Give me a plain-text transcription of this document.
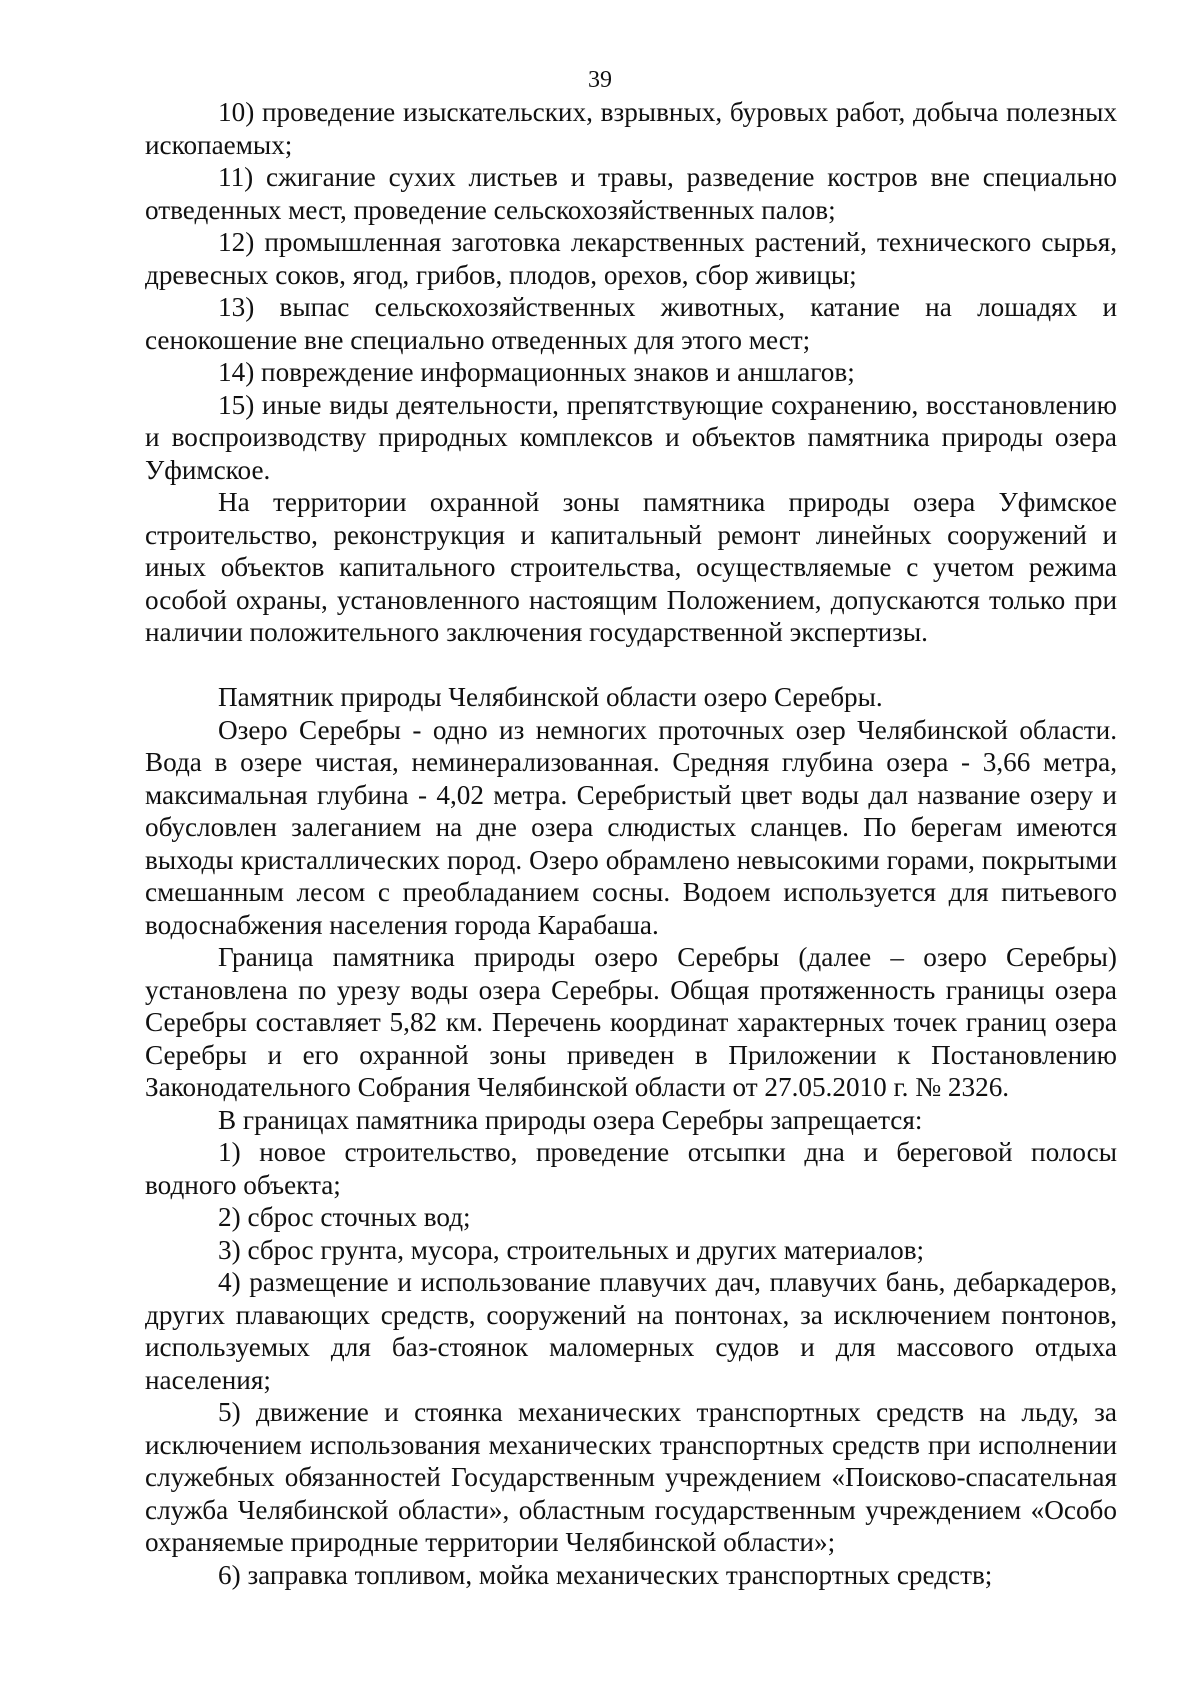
39

10) проведение изыскательских, взрывных, буровых работ, добыча полезных ископаемых;

11) сжигание сухих листьев и травы, разведение костров вне специально отведенных мест, проведение сельскохозяйственных палов;

12) промышленная заготовка лекарственных растений, технического сырья, древесных соков, ягод, грибов, плодов, орехов, сбор живицы;

13) выпас сельскохозяйственных животных, катание на лошадях и сенокошение вне специально отведенных для этого мест;

14) повреждение информационных знаков и аншлагов;

15) иные виды деятельности, препятствующие сохранению, восстановлению и воспроизводству природных комплексов и объектов памятника природы озера Уфимское.

На территории охранной зоны памятника природы озера Уфимское строительство, реконструкция и капитальный ремонт линейных сооружений и иных объектов капитального строительства, осуществляемые с учетом режима особой охраны, установленного настоящим Положением, допускаются только при наличии положительного заключения государственной экспертизы.

Памятник природы Челябинской области озеро Серебры.

Озеро Серебры - одно из немногих проточных озер Челябинской области. Вода в озере чистая, неминерализованная. Средняя глубина озера - 3,66 метра, максимальная глубина - 4,02 метра. Серебристый цвет воды дал название озеру и обусловлен залеганием на дне озера слюдистых сланцев. По берегам имеются выходы кристаллических пород. Озеро обрамлено невысокими горами, покрытыми смешанным лесом с преобладанием сосны. Водоем используется для питьевого водоснабжения населения города Карабаша.

Граница памятника природы озеро Серебры (далее – озеро Серебры) установлена по урезу воды озера Серебры. Общая протяженность границы озера Серебры составляет 5,82 км. Перечень координат характерных точек границ озера Серебры и его охранной зоны приведен в Приложении к Постановлению Законодательного Собрания Челябинской области от 27.05.2010 г. № 2326.

В границах памятника природы озера Серебры запрещается:

1) новое строительство, проведение отсыпки дна и береговой полосы водного объекта;

2) сброс сточных вод;

3) сброс грунта, мусора, строительных и других материалов;

4) размещение и использование плавучих дач, плавучих бань, дебаркадеров, других плавающих средств, сооружений на понтонах, за исключением понтонов, используемых для баз-стоянок маломерных судов и для массового отдыха населения;

5) движение и стоянка механических транспортных средств на льду, за исключением использования механических транспортных средств при исполнении служебных обязанностей Государственным учреждением «Поисково-спасательная служба Челябинской области», областным государственным учреждением «Особо охраняемые природные территории Челябинской области»;

6) заправка топливом, мойка механических транспортных средств;
